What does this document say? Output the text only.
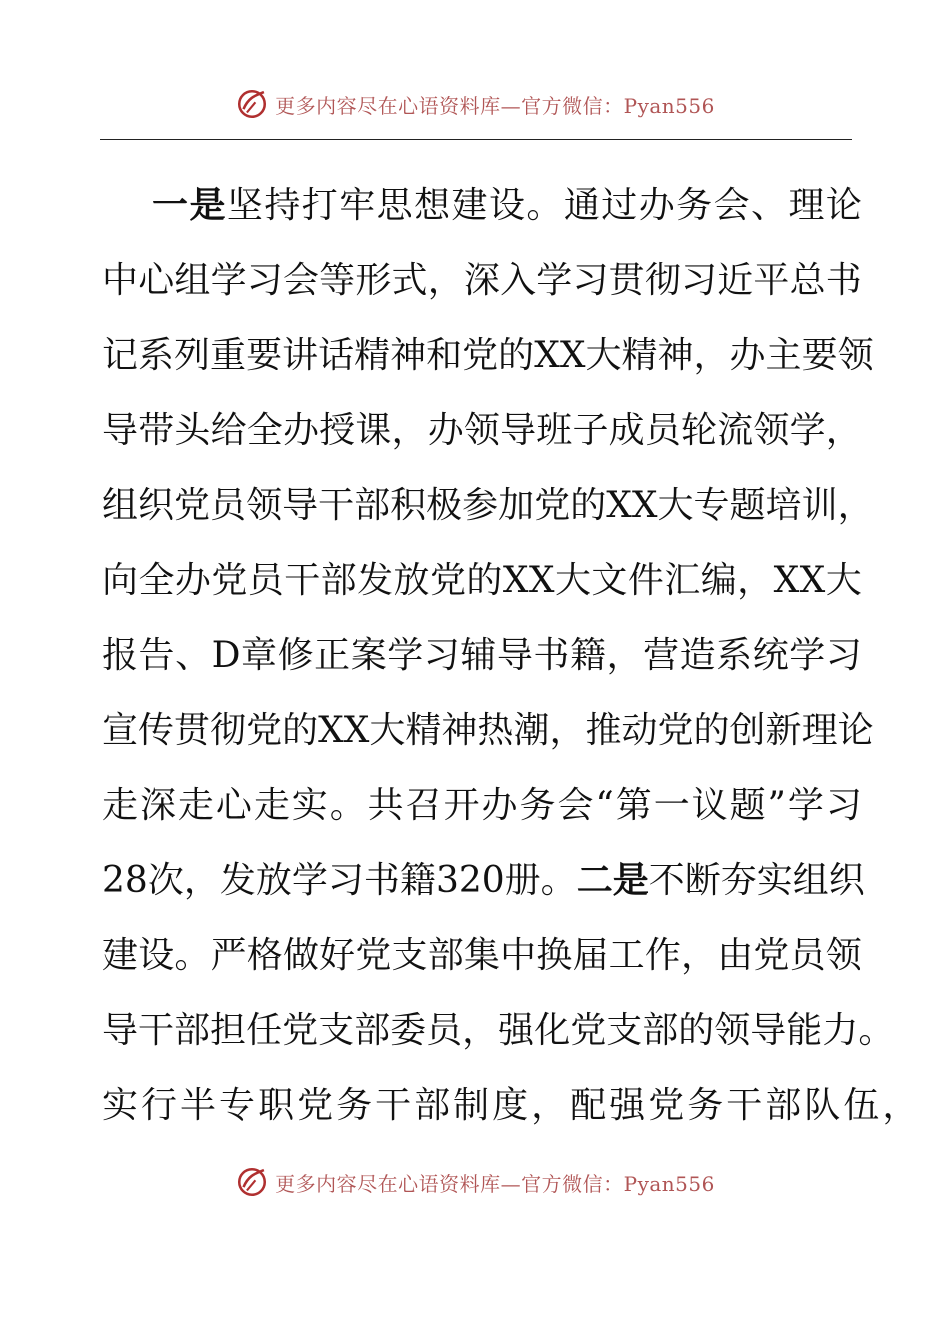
更多内容尽在心语资料库—官方微信：Pyan556
一 是 坚 持 打 牢 思 想 建 设 。 通 过 办 务 会 、 理 论
中 心 组 学 习 会 等 形 式 ， 深 入 学 习 贯 彻 习 近 平 总 书
记 系 列 重 要 讲 话 精 神 和 党 的 X X 大 精 神 ， 办 主 要 领
导 带 头 给 全 办 授 课 ， 办 领 导 班 子 成 员 轮 流 领 学 ，
组 织 党 员 领 导 干 部 积 极 参 加 党 的 X X 大 专 题 培 训 ，
向 全 办 党 员 干 部 发 放 党 的 X X 大 文 件 汇 编 ， X X 大
报 告 、 D 章 修 正 案 学 习 辅 导 书 籍 ， 营 造 系 统 学 习
宣 传 贯 彻 党 的 X X 大 精 神 热 潮 ， 推 动 党 的 创 新 理 论
走 深 走 心 走 实 。 共 召 开 办 务 会 “ 第 一 议 题 ” 学 习
2 8 次 ， 发 放 学 习 书 籍 3 2 0 册 。 二 是 不 断 夯 实 组 织
建 设 。 严 格 做 好 党 支 部 集 中 换 届 工 作 ， 由 党 员 领
导 干 部 担 任 党 支 部 委 员 ， 强 化 党 支 部 的 领 导 能 力 。
实 行 半 专 职 党 务 干 部 制 度 ， 配 强 党 务 干 部 队 伍 ，
更多内容尽在心语资料库—官方微信：Pyan556
